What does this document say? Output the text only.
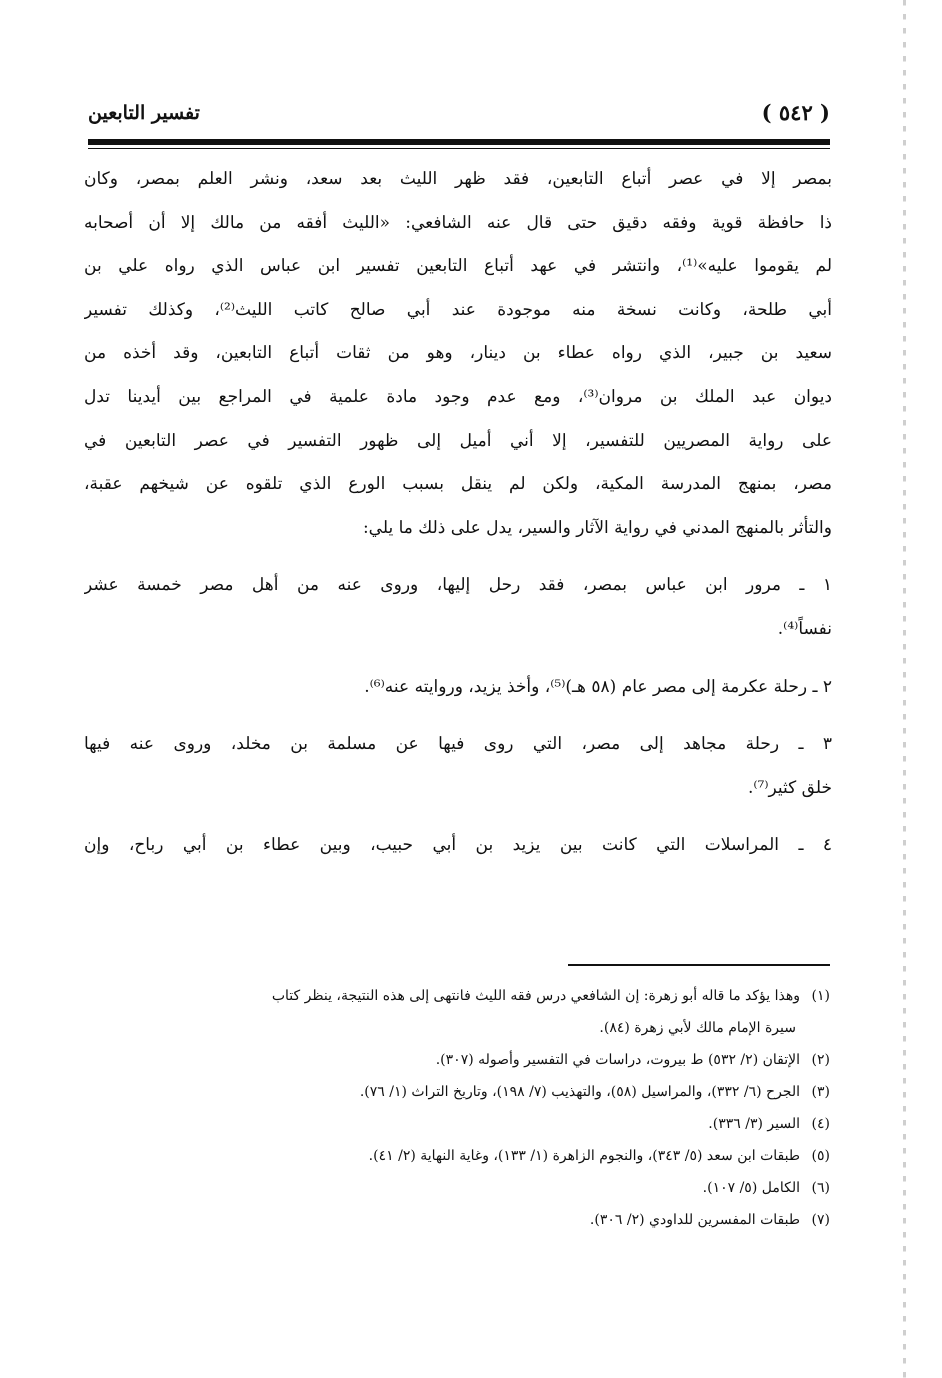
( ٥٤٢ )
تفسير التابعين
بمصر إلا في عصر أتباع التابعين، فقد ظهر الليث بعد سعد، ونشر العلم بمصر، وكان
ذا حافظة قوية وفقه دقيق حتى قال عنه الشافعي: «الليث أفقه من مالك إلا أن أصحابه
لم يقوموا عليه»⁽¹⁾، وانتشر في عهد أتباع التابعين تفسير ابن عباس الذي رواه علي بن
أبي طلحة، وكانت نسخة منه موجودة عند أبي صالح كاتب الليث⁽²⁾، وكذلك تفسير
سعيد بن جبير، الذي رواه عطاء بن دينار، وهو من ثقات أتباع التابعين، وقد أخذه من
ديوان عبد الملك بن مروان⁽³⁾، ومع عدم وجود مادة علمية في المراجع بين أيدينا تدل
على رواية المصريين للتفسير، إلا أني أميل إلى ظهور التفسير في عصر التابعين في
مصر، بمنهج المدرسة المكية، ولكن لم ينقل بسبب الورع الذي تلقوه عن شيخهم عقبة،
والتأثر بالمنهج المدني في رواية الآثار والسير، يدل على ذلك ما يلي:
١ ـ مرور ابن عباس بمصر، فقد رحل إليها، وروى عنه من أهل مصر خمسة عشر
نفساً⁽⁴⁾.
٢ ـ رحلة عكرمة إلى مصر عام (٥٨ هـ)⁽⁵⁾، وأخذ يزيد، وروايته عنه⁽⁶⁾.
٣ ـ رحلة مجاهد إلى مصر، التي روى فيها عن مسلمة بن مخلد، وروى عنه فيها
خلق كثير⁽⁷⁾.
٤ ـ المراسلات التي كانت بين يزيد بن أبي حبيب، وبين عطاء بن أبي رباح، وإن
(١)وهذا يؤكد ما قاله أبو زهرة: إن الشافعي درس فقه الليث فانتهى إلى هذه النتيجة، ينظر كتاب
سيرة الإمام مالك لأبي زهرة (٨٤).
(٢)الإتقان (٢/ ٥٣٢) ط بيروت، دراسات في التفسير وأصوله (٣٠٧).
(٣)الجرح (٦/ ٣٣٢)، والمراسيل (٥٨)، والتهذيب (٧/ ١٩٨)، وتاريخ التراث (١/ ٧٦).
(٤)السير (٣/ ٣٣٦).
(٥)طبقات ابن سعد (٥/ ٣٤٣)، والنجوم الزاهرة (١/ ١٣٣)، وغاية النهاية (٢/ ٤١).
(٦)الكامل (٥/ ١٠٧).
(٧)طبقات المفسرين للداودي (٢/ ٣٠٦).
